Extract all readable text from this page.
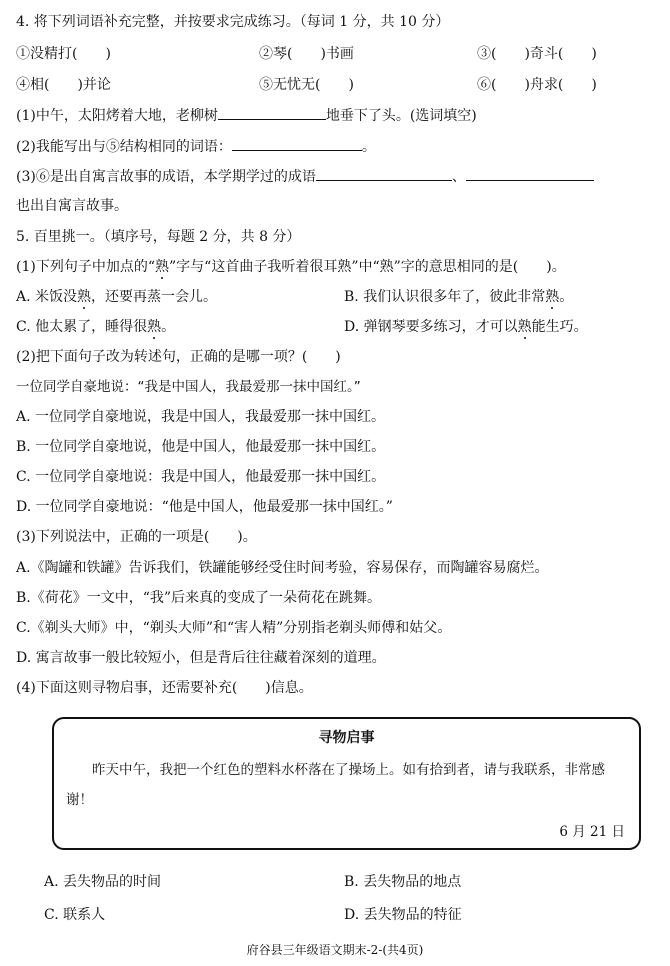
4. 将下列词语补充完整，并按要求完成练习。（每词 1 分，共 10 分）
①没精打(　　)	②琴(　　)书画	③(　　)奇斗(　　)
④相(　　)并论	⑤无忧无(　　)	⑥(　　)舟求(　　)
(1)中午，太阳烤着大地，老柳树	地垂下了头。(选词填空)
(2)我能写出与⑤结构相同的词语：	。
(3)⑥是出自寓言故事的成语，本学期学过的成语	、
也出自寓言故事。
5. 百里挑一。（填序号，每题 2 分，共 8 分）
(1)下列句子中加点的“熟”字与“这首曲子我听着很耳熟”中“熟”字的意思相同的是(　　)。
A. 米饭没熟，还要再蒸一会儿。	B. 我们认识很多年了，彼此非常熟。
C. 他太累了，睡得很熟。	D. 弹钢琴要多练习，才可以熟能生巧。
(2)把下面句子改为转述句，正确的是哪一项？(　　)
一位同学自豪地说：“我是中国人，我最爱那一抹中国红。”
A. 一位同学自豪地说，我是中国人，我最爱那一抹中国红。
B. 一位同学自豪地说，他是中国人，他最爱那一抹中国红。
C. 一位同学自豪地说：我是中国人，他最爱那一抹中国红。
D. 一位同学自豪地说：“他是中国人，他最爱那一抹中国红。”
(3)下列说法中，正确的一项是(　　)。
A.《陶罐和铁罐》告诉我们，铁罐能够经受住时间考验，容易保存，而陶罐容易腐烂。
B.《荷花》一文中，“我”后来真的变成了一朵荷花在跳舞。
C.《剃头大师》中，“剃头大师”和“害人精”分别指老剃头师傅和姑父。
D. 寓言故事一般比较短小，但是背后往往藏着深刻的道理。
(4)下面这则寻物启事，还需要补充(　　)信息。
寻物启事
昨天中午，我把一个红色的塑料水杯落在了操场上。如有拾到者，请与我联系，非常感谢！
6 月 21 日
A. 丢失物品的时间	B. 丢失物品的地点
C. 联系人	D. 丢失物品的特征
府谷县三年级语文期末-2-(共4页)
